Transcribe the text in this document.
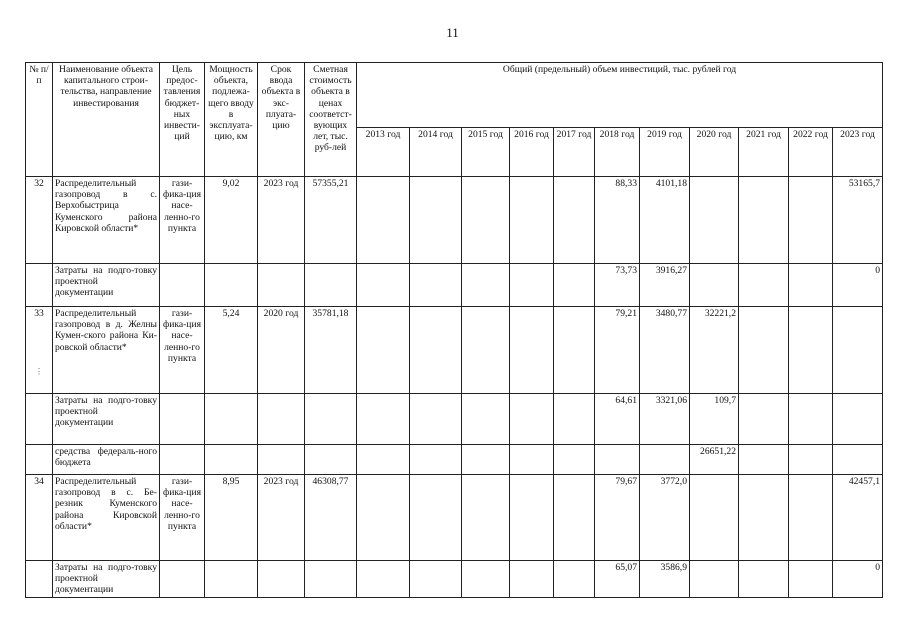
11
⋮
№ п/п	Наименование объекта капитального строи-тельства, направление инвестирования	Цель предос-тавления бюджет-ных инвести-ций	Мощность объекта, подлежа-щего вводу в эксплуата-цию, км	Срок ввода объекта в экс-плуата-цию	Сметная стоимость объекта в ценах соответст-вующих лет, тыс. руб-лей	Общий (предельный) объем инвестиций, тыс. рублей год										
						2013 год	2014 год	2015 год	2016 год	2017 год	2018 год	2019 год	2020 год	2021 год	2022 год	2023 год
32	Распределительный газопровод в с. Верхобыстрица Куменского района Кировской области*	гази-фика-ция насе-ленно-го пункта	9,02	2023 год	57355,21						88,33	4101,18				53165,7
	Затраты на подго-товку проектной документации										73,73	3916,27				0
33	Распределительный газопровод в д. Желны Кумен-ского района Ки-ровской области*	гази-фика-ция насе-ленно-го пункта	5,24	2020 год	35781,18						79,21	3480,77	32221,2			
	Затраты на подго-товку проектной документации										64,61	3321,06	109,7			
	средства федераль-ного бюджета												26651,22			
34	Распределительный газопровод в с. Бе-резник Куменского района Кировской области*	гази-фика-ция насе-ленно-го пункта	8,95	2023 год	46308,77						79,67	3772,0				42457,1
	Затраты на подго-товку проектной документации										65,07	3586,9				0
